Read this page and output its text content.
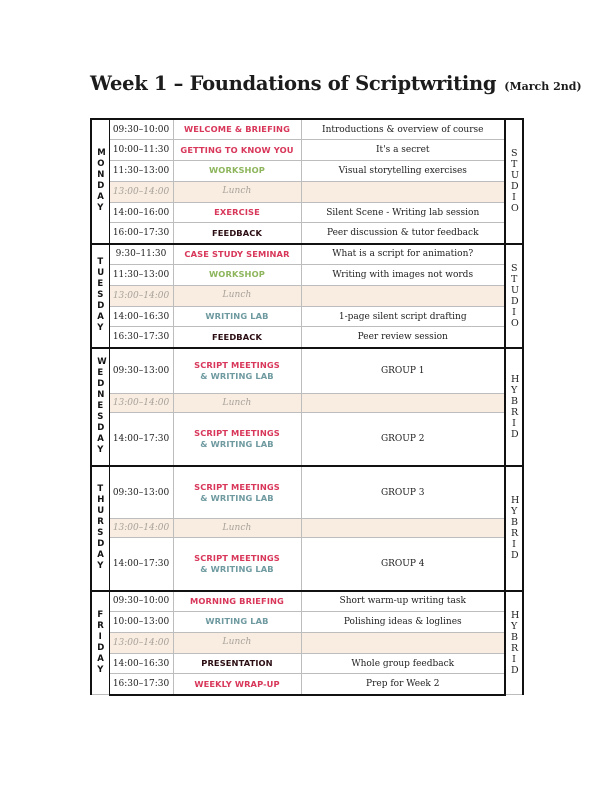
Week 1 – Foundations of Scriptwriting (March 2nd)
MONDAY	09:30–10:00	WELCOME & BRIEFING	Introductions & overview of course	STUDIO

	10:00–11:30	GETTING TO KNOW YOU	It's a secret	
	11:30–13:00	WORKSHOP	Visual storytelling exercises	
	13:00–14:00	Lunch		

	14:00–16:00	EXERCISE	Silent Scene - Writing lab session	
	16:00–17:30	FEEDBACK	Peer discussion & tutor feedback	

TUESDAY	9:30–11:30	CASE STUDY SEMINAR	What is a script for animation?	STUDIO

	11:30–13:00	WORKSHOP	Writing with images not words	
	13:00–14:00	Lunch		

	14:00–16:30	WRITING LAB	1-page silent script drafting	
	16:30–17:30	FEEDBACK	Peer review session	

WEDNESDAY	09:30–13:00	SCRIPT MEETINGS
& WRITING LAB	GROUP 1	HYBRID

	13:00–14:00	Lunch		

	14:00–17:30	SCRIPT MEETINGS
& WRITING LAB	GROUP 2	

THURSDAY	09:30–13:00	SCRIPT MEETINGS
& WRITING LAB	GROUP 3	HYBRID

	13:00–14:00	Lunch		

	14:00–17:30	SCRIPT MEETINGS
& WRITING LAB	GROUP 4	

FRIDAY	09:30–10:00	MORNING BRIEFING	Short warm-up writing task	HYBRID

	10:00–13:00	WRITING LAB	Polishing ideas & loglines	
	13:00–14:00	Lunch		

	14:00–16:30	PRESENTATION	Whole group feedback	
	16:30–17:30	WEEKLY WRAP-UP	Prep for Week 2	
